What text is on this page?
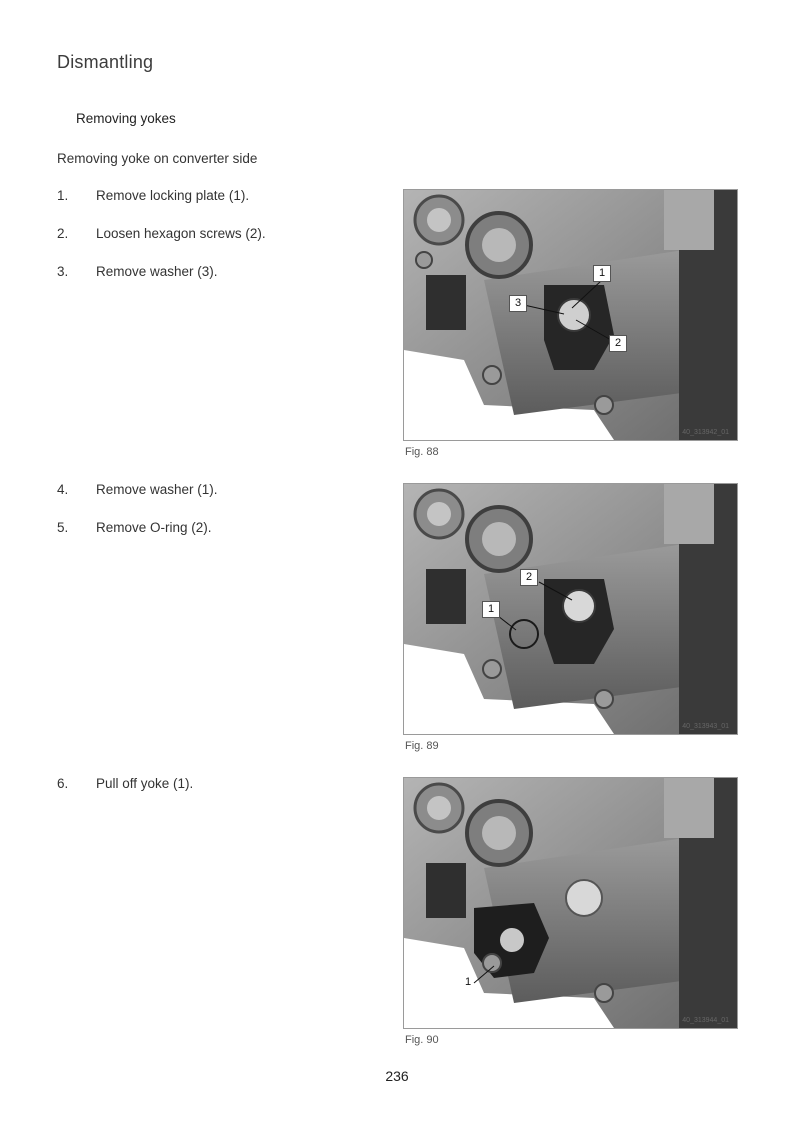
Dismantling
Removing yokes
Removing yoke on converter side
1. Remove locking plate (1).
2. Loosen hexagon screws (2).
3. Remove washer (3).
4. Remove washer (1).
5. Remove O-ring (2).
6. Pull off yoke (1).
1
3
2
40_313942_01
Fig. 88
2
1
40_313943_01
Fig. 89
1
40_313944_01
Fig. 90
236
